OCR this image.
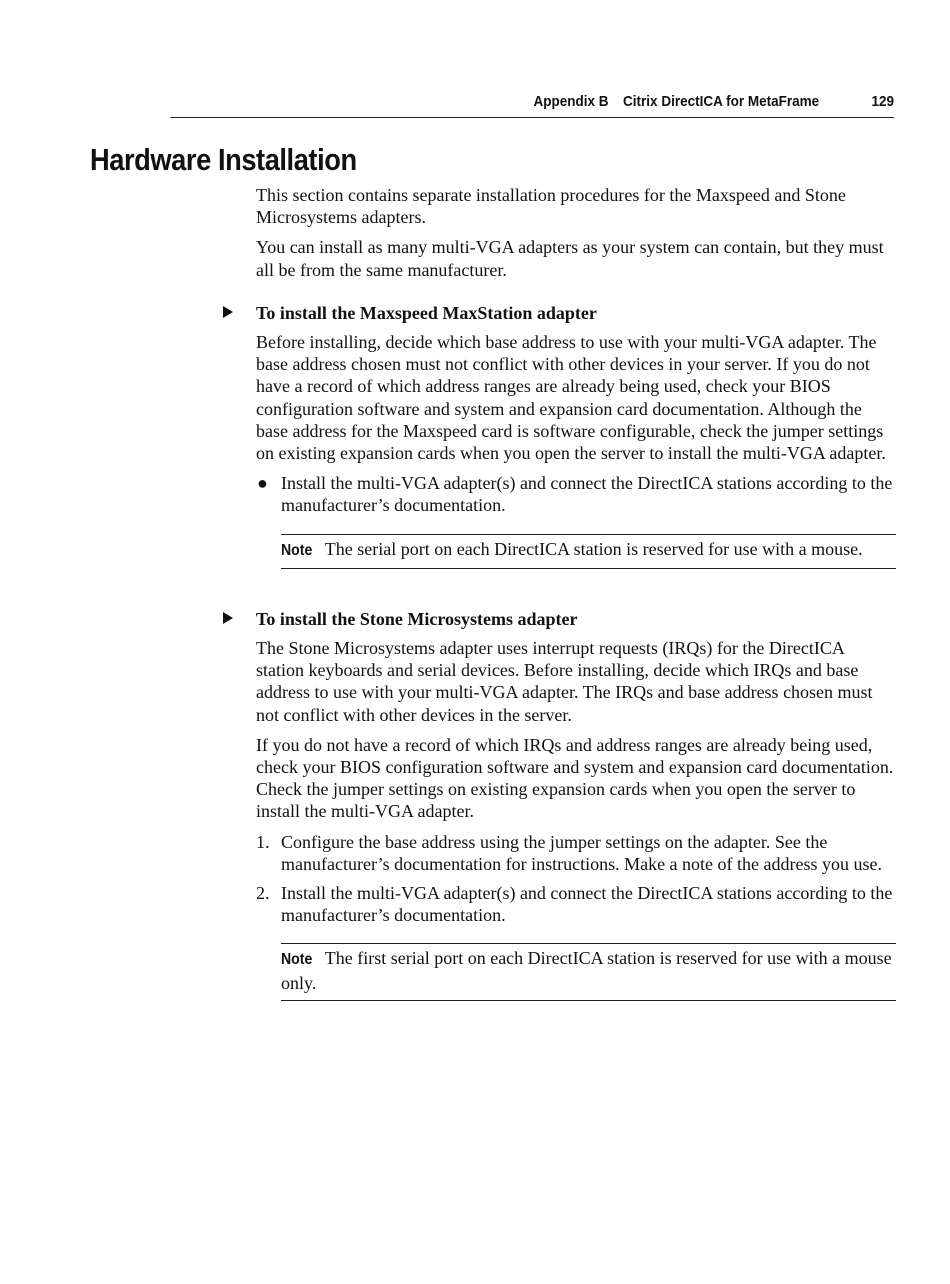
Appendix B Citrix DirectICA for MetaFrame	129
Hardware Installation

This section contains separate installation procedures for the Maxspeed and Stone Microsystems adapters.

You can install as many multi-VGA adapters as your system can contain, but they must all be from the same manufacturer.

To install the Maxspeed MaxStation adapter

Before installing, decide which base address to use with your multi-VGA adapter. The base address chosen must not conflict with other devices in your server. If you do not have a record of which address ranges are already being used, check your BIOS configuration software and system and expansion card documentation. Although the base address for the Maxspeed card is software configurable, check the jumper settings on existing expansion cards when you open the server to install the multi-VGA adapter.

● Install the multi-VGA adapter(s) and connect the DirectICA stations according to the manufacturer’s documentation.
Note The serial port on each DirectICA station is reserved for use with a mouse.
To install the Stone Microsystems adapter

The Stone Microsystems adapter uses interrupt requests (IRQs) for the DirectICA station keyboards and serial devices. Before installing, decide which IRQs and base address to use with your multi-VGA adapter. The IRQs and base address chosen must not conflict with other devices in the server.

If you do not have a record of which IRQs and address ranges are already being used, check your BIOS configuration software and system and expansion card documentation. Check the jumper settings on existing expansion cards when you open the server to install the multi-VGA adapter.

1. Configure the base address using the jumper settings on the adapter. See the manufacturer’s documentation for instructions. Make a note of the address you use.
2. Install the multi-VGA adapter(s) and connect the DirectICA stations according to the manufacturer’s documentation.
Note The first serial port on each DirectICA station is reserved for use with a mouse only.
